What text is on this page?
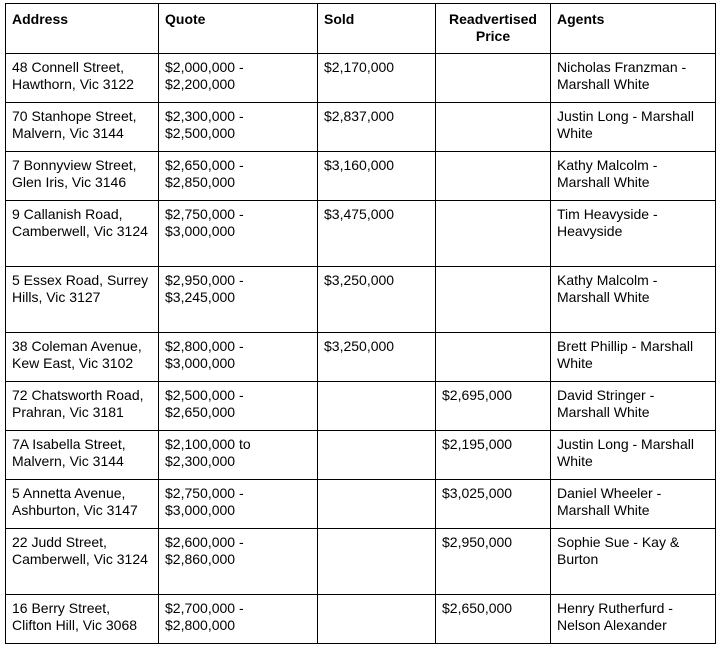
Address	Quote	Sold	Readvertised Price	Agents
48 Connell Street, Hawthorn, Vic 3122	$2,000,000 - $2,200,000	$2,170,000		Nicholas Franzman - Marshall White
70 Stanhope Street, Malvern, Vic 3144	$2,300,000 - $2,500,000	$2,837,000		Justin Long - Marshall White
7 Bonnyview Street, Glen Iris, Vic 3146	$2,650,000 - $2,850,000	$3,160,000		Kathy Malcolm - Marshall White
9 Callanish Road, Camberwell, Vic 3124	$2,750,000 - $3,000,000	$3,475,000		Tim Heavyside - Heavyside
5 Essex Road, Surrey Hills, Vic 3127	$2,950,000 - $3,245,000	$3,250,000		Kathy Malcolm - Marshall White
38 Coleman Avenue, Kew East, Vic 3102	$2,800,000 - $3,000,000	$3,250,000		Brett Phillip - Marshall White
72 Chatsworth Road, Prahran, Vic 3181	$2,500,000 - $2,650,000		$2,695,000	David Stringer - Marshall White
7A Isabella Street, Malvern, Vic 3144	$2,100,000 to $2,300,000		$2,195,000	Justin Long - Marshall White
5 Annetta Avenue, Ashburton, Vic 3147	$2,750,000 - $3,000,000		$3,025,000	Daniel Wheeler - Marshall White
22 Judd Street, Camberwell, Vic 3124	$2,600,000 - $2,860,000		$2,950,000	Sophie Sue - Kay & Burton
16 Berry Street, Clifton Hill, Vic 3068	$2,700,000 - $2,800,000		$2,650,000	Henry Rutherfurd - Nelson Alexander
